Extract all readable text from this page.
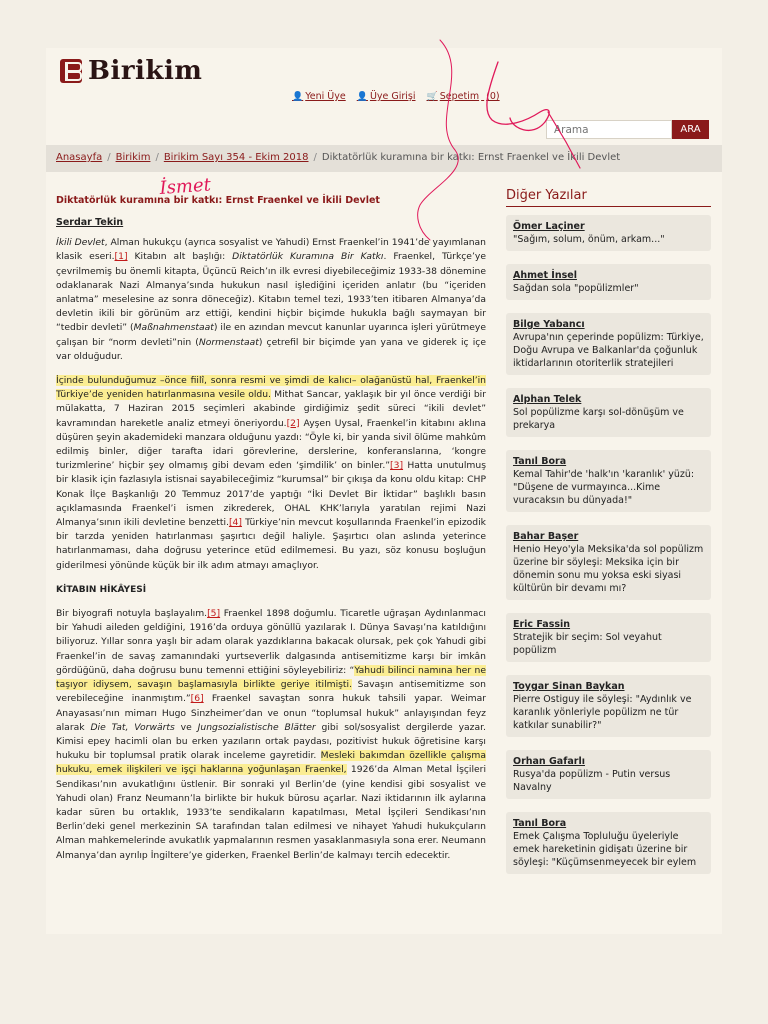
Birikim
👤 Yeni Üye 👤 Üye Girişi 🛒 Sepetim
(0)
Arama
ARA
Anasayfa / Birikim / Birikim Sayı 354 - Ekim 2018 / Diktatörlük kuramına bir katkı: Ernst Fraenkel ve İkili Devlet
Diktatörlük kuramına bir katkı: Ernst Fraenkel ve İkili Devlet
Serdar Tekin

İkili Devlet, Alman hukukçu (ayrıca sosyalist ve Yahudi) Ernst Fraenkel’in 1941’de yayımlanan klasik eseri.[1] Kitabın alt başlığı: Diktatörlük Kuramına Bir Katkı. Fraenkel, Türkçe’ye çevrilmemiş bu önemli kitapta, Üçüncü Reich’ın ilk evresi diyebileceğimiz 1933-38 dönemine odaklanarak Nazi Almanya’sında hukukun nasıl işlediğini içeriden anlatır (bu “içeriden anlatma” meselesine az sonra döneceğiz). Kitabın temel tezi, 1933’ten itibaren Almanya’da devletin ikili bir görünüm arz ettiği, kendini hiçbir biçimde hukukla bağlı saymayan bir “tedbir devleti” (Maßnahmenstaat) ile en azından mevcut kanunlar uyarınca işleri yürütmeye çalışan bir “norm devleti”nin (Normenstaat) çetrefil bir biçimde yan yana ve giderek iç içe var olduğudur.

İçinde bulunduğumuz –önce fiilî, sonra resmi ve şimdi de kalıcı– olağanüstü hal, Fraenkel’in Türkiye’de yeniden hatırlanmasına vesile oldu. Mithat Sancar, yaklaşık bir yıl önce verdiği bir mülakatta, 7 Haziran 2015 seçimleri akabinde girdiğimiz şedit süreci “ikili devlet” kavramından hareketle analiz etmeyi öneriyordu.[2] Ayşen Uysal, Fraenkel’in kitabını aklına düşüren şeyin akademideki manzara olduğunu yazdı: “Öyle ki, bir yanda sivil ölüme mahkûm edilmiş binler, diğer tarafta idari görevlerine, derslerine, konferanslarına, ‘kongre turizmlerine’ hiçbir şey olmamış gibi devam eden ‘şimdilik’ on binler.”[3] Hatta unutulmuş bir klasik için fazlasıyla istisnai sayabileceğimiz “kurumsal” bir çıkışa da konu oldu kitap: CHP Konak İlçe Başkanlığı 20 Temmuz 2017’de yaptığı “İki Devlet Bir İktidar” başlıklı basın açıklamasında Fraenkel’i ismen zikrederek, OHAL KHK’larıyla yaratılan rejimi Nazi Almanya’sının ikili devletine benzetti.[4] Türkiye’nin mevcut koşullarında Fraenkel’in epizodik bir tarzda yeniden hatırlanması şaşırtıcı değil haliyle. Şaşırtıcı olan aslında yeterince hatırlanmaması, daha doğrusu yeterince etüd edilmemesi. Bu yazı, söz konusu boşluğun giderilmesi yönünde küçük bir ilk adım atmayı amaçlıyor.

KİTABIN HİKÂYESİ

Bir biyografi notuyla başlayalım.[5] Fraenkel 1898 doğumlu. Ticaretle uğraşan Aydınlanmacı bir Yahudi aileden geldiğini, 1916’da orduya gönüllü yazılarak I. Dünya Savaşı’na katıldığını biliyoruz. Yıllar sonra yaşlı bir adam olarak yazdıklarına bakacak olursak, pek çok Yahudi gibi Fraenkel’in de savaş zamanındaki yurtseverlik dalgasında antisemitizme karşı bir imkân gördüğünü, daha doğrusu bunu temenni ettiğini söyleyebiliriz: “Yahudi bilinci namına her ne taşıyor idiysem, savaşın başlamasıyla birlikte geriye itilmişti. Savaşın antisemitizme son verebileceğine inanmıştım.”[6] Fraenkel savaştan sonra hukuk tahsili yapar. Weimar Anayasası’nın mimarı Hugo Sinzheimer’dan ve onun “toplumsal hukuk” anlayışından feyz alarak Die Tat, Vorwärts ve Jungsozialistische Blätter gibi sol/sosyalist dergilerde yazar. Kimisi epey hacimli olan bu erken yazıların ortak paydası, pozitivist hukuk öğretisine karşı hukuku bir toplumsal pratik olarak inceleme gayretidir. Mesleki bakımdan özellikle çalışma hukuku, emek ilişkileri ve işçi haklarına yoğunlaşan Fraenkel, 1926’da Alman Metal İşçileri Sendikası’nın avukatlığını üstlenir. Bir sonraki yıl Berlin’de (yine kendisi gibi sosyalist ve Yahudi olan) Franz Neumann’la birlikte bir hukuk bürosu açarlar. Nazi iktidarının ilk aylarına kadar süren bu ortaklık, 1933’te sendikaların kapatılması, Metal İşçileri Sendikası’nın Berlin’deki genel merkezinin SA tarafından talan edilmesi ve nihayet Yahudi hukukçuların Alman mahkemelerinde avukatlık yapmalarının resmen yasaklanmasıyla sona erer. Neumann Almanya’dan ayrılıp İngiltere’ye giderken, Fraenkel Berlin’de kalmayı tercih edecektir.

Diğer Yazılar
Ömer Laçiner
"Sağım, solum, önüm, arkam..."
Ahmet İnsel
Sağdan sola "popülizmler"
Bilge Yabancı
Avrupa'nın çeperinde popülizm: Türkiye, Doğu Avrupa ve Balkanlar'da çoğunluk iktidarlarının otoriterlik stratejileri
Alphan Telek
Sol popülizme karşı sol-dönüşüm ve prekarya
Tanıl Bora
Kemal Tahir'de 'halk'ın 'karanlık' yüzü: "Düşene de vurmayınca...Kime vuracaksın bu dünyada!"
Bahar Başer
Henio Heyo'yla Meksika'da sol popülizm üzerine bir söyleşi: Meksika için bir dönemin sonu mu yoksa eski siyasi kültürün bir devamı mı?
Eric Fassin
Stratejik bir seçim: Sol veyahut popülizm
Toygar Sinan Baykan
Pierre Ostiguy ile söyleşi: "Aydınlık ve karanlık yönleriyle popülizm ne tür katkılar sunabilir?"
Orhan Gafarlı
Rusya'da popülizm - Putin versus Navalny
Tanıl Bora
Emek Çalışma Topluluğu üyeleriyle emek hareketinin gidişatı üzerine bir söyleşi: "Küçümsenmeyecek bir eylem
İsmet
